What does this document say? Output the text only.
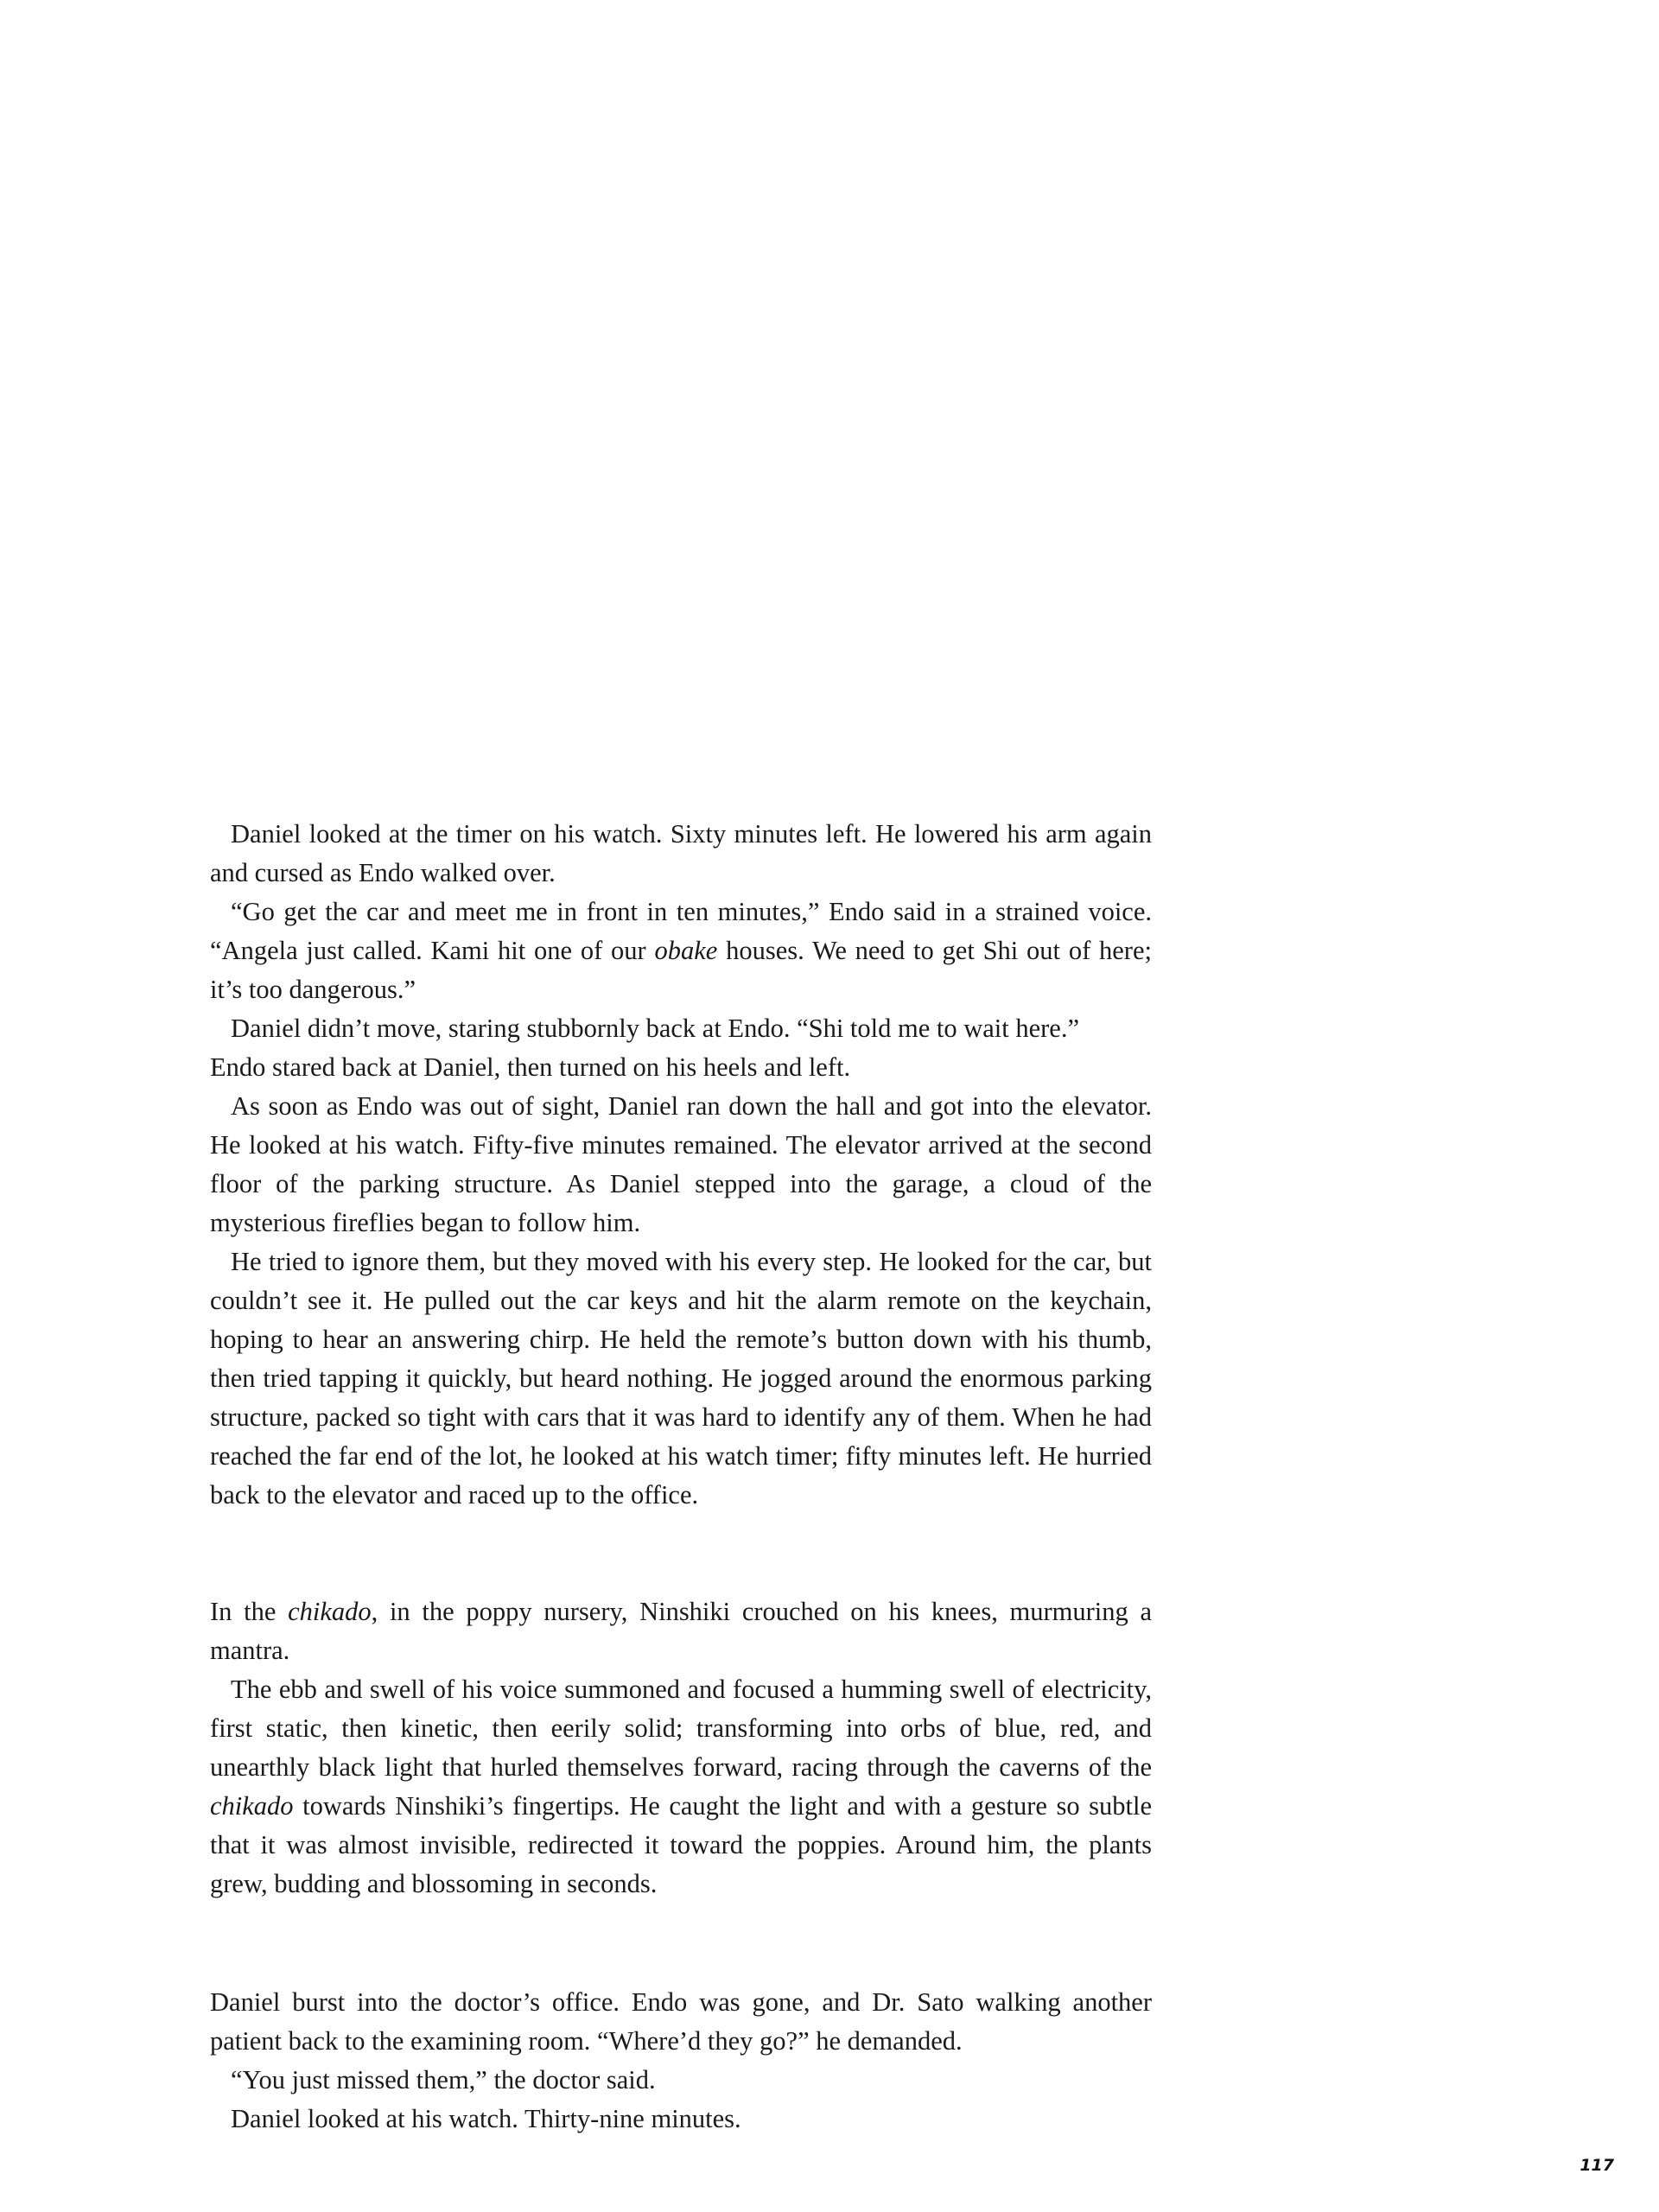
Daniel looked at the timer on his watch. Sixty minutes left. He lowered his arm again and cursed as Endo walked over.

“Go get the car and meet me in front in ten minutes,” Endo said in a strained voice. “Angela just called. Kami hit one of our obake houses. We need to get Shi out of here; it’s too dangerous.”

Daniel didn’t move, staring stubbornly back at Endo. “Shi told me to wait here.”

Endo stared back at Daniel, then turned on his heels and left.

As soon as Endo was out of sight, Daniel ran down the hall and got into the elevator. He looked at his watch. Fifty-five minutes remained. The elevator arrived at the second floor of the parking structure. As Daniel stepped into the garage, a cloud of the mysterious fireflies began to follow him.

He tried to ignore them, but they moved with his every step. He looked for the car, but couldn’t see it. He pulled out the car keys and hit the alarm remote on the keychain, hoping to hear an answering chirp. He held the remote’s button down with his thumb, then tried tapping it quickly, but heard nothing. He jogged around the enormous parking structure, packed so tight with cars that it was hard to identify any of them. When he had reached the far end of the lot, he looked at his watch timer; fifty minutes left. He hurried back to the elevator and raced up to the office.

In the chikado, in the poppy nursery, Ninshiki crouched on his knees, murmuring a mantra.

The ebb and swell of his voice summoned and focused a humming swell of electricity, first static, then kinetic, then eerily solid; transforming into orbs of blue, red, and unearthly black light that hurled themselves forward, racing through the caverns of the chikado towards Ninshiki’s fingertips. He caught the light and with a gesture so subtle that it was almost invisible, redirected it toward the poppies. Around him, the plants grew, budding and blossoming in seconds.

Daniel burst into the doctor’s office. Endo was gone, and Dr. Sato walking another patient back to the examining room. “Where’d they go?” he demanded.

“You just missed them,” the doctor said.

Daniel looked at his watch. Thirty-nine minutes.

117
